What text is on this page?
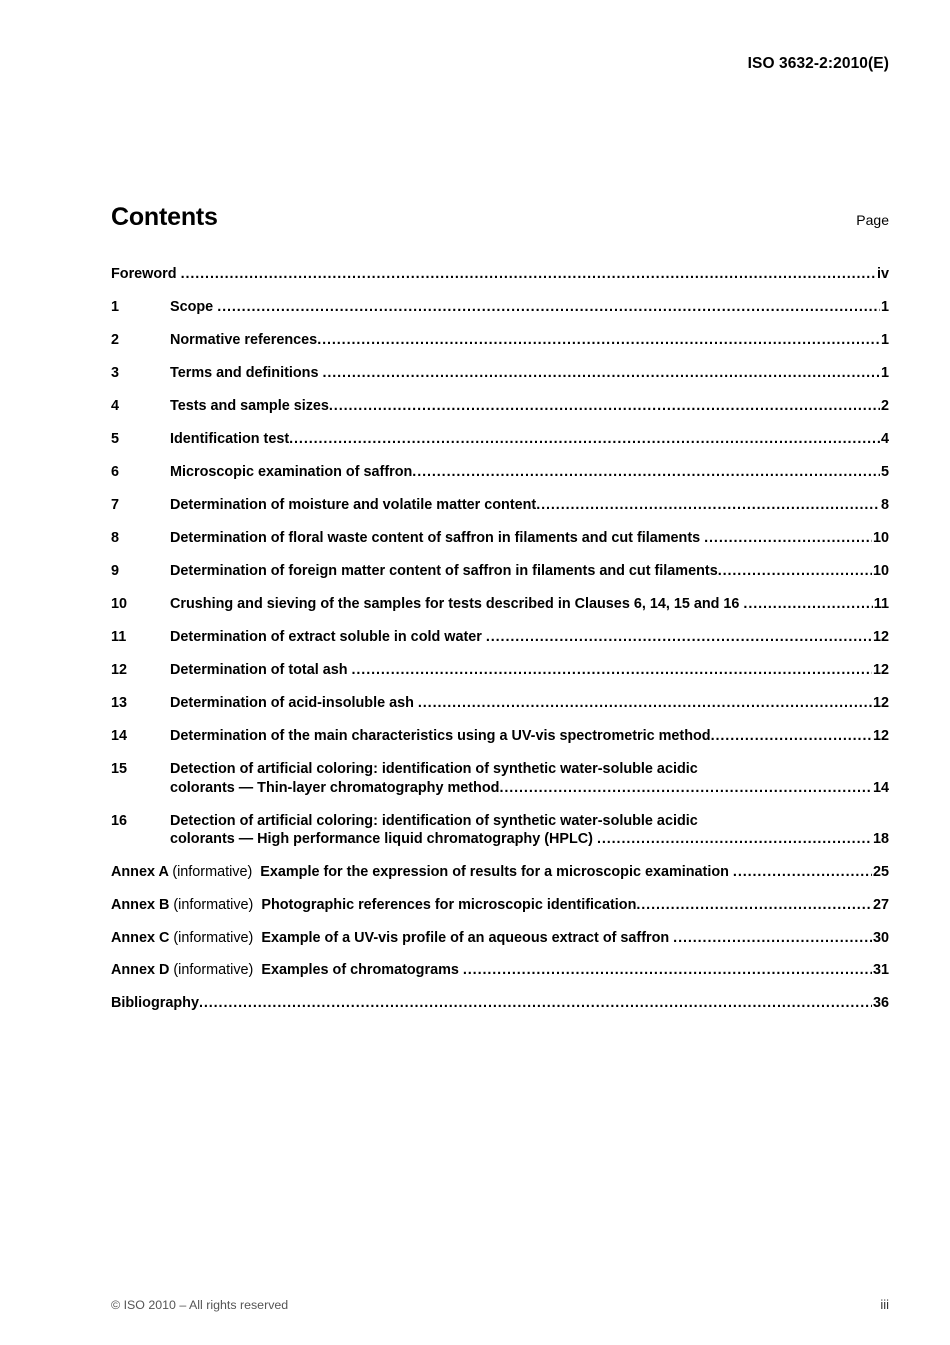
ISO 3632-2:2010(E)
Contents	Page
Foreword .....	iv
1	Scope .....	1
2	Normative references .....	1
3	Terms and definitions .....	1
4	Tests and sample sizes .....	2
5	Identification test .....	4
6	Microscopic examination of saffron .....	5
7	Determination of moisture and volatile matter content .....	8
8	Determination of floral waste content of saffron in filaments and cut filaments .....	10
9	Determination of foreign matter content of saffron in filaments and cut filaments .....	10
10	Crushing and sieving of the samples for tests described in Clauses 6, 14, 15 and 16 .....	11
11	Determination of extract soluble in cold water .....	12
12	Determination of total ash .....	12
13	Determination of acid-insoluble ash .....	12
14	Determination of the main characteristics using a UV-vis spectrometric method .....	12
15	Detection of artificial coloring: identification of synthetic water-soluble acidic
colorants — Thin-layer chromatography method .....	14
16	Detection of artificial coloring: identification of synthetic water-soluble acidic
colorants — High performance liquid chromatography (HPLC) .....	18
Annex A (informative) Example for the expression of results for a microscopic examination .....	25
Annex B (informative) Photographic references for microscopic identification .....	27
Annex C (informative) Example of a UV-vis profile of an aqueous extract of saffron .....	30
Annex D (informative) Examples of chromatograms .....	31
Bibliography .....	36
© ISO 2010 – All rights reserved	iii
